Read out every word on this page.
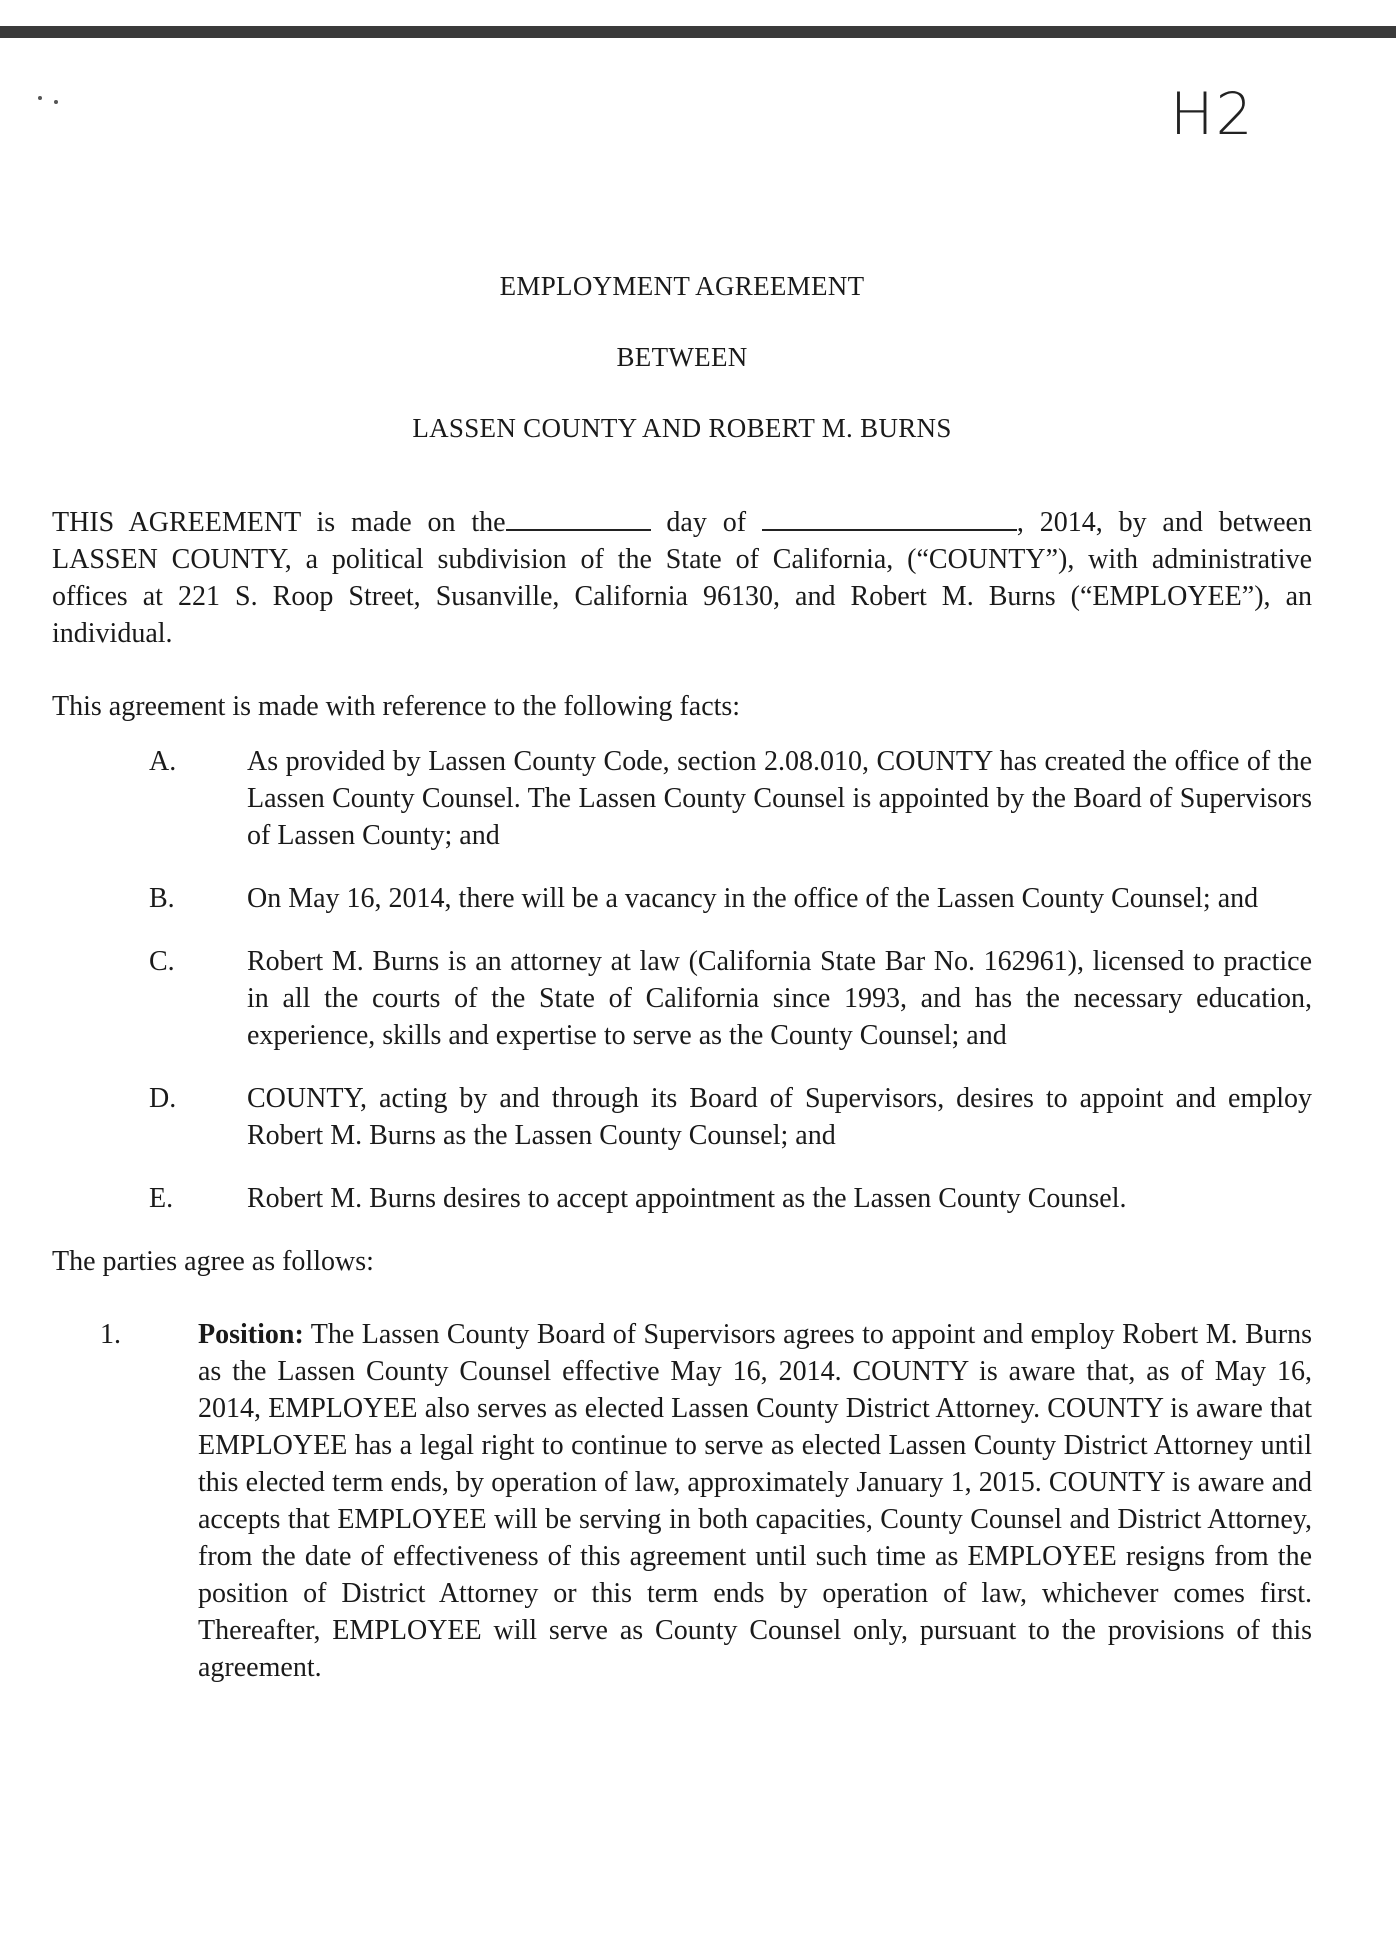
H2

EMPLOYMENT AGREEMENT

BETWEEN

LASSEN COUNTY AND ROBERT M. BURNS

THIS AGREEMENT is made on the	day of	, 2014, by and between LASSEN COUNTY, a political subdivision of the State of California, (“COUNTY”), with administrative offices at 221 S. Roop Street, Susanville, California 96130, and Robert M. Burns (“EMPLOYEE”), an individual.

This agreement is made with reference to the following facts:

A.	As provided by Lassen County Code, section 2.08.010, COUNTY has created the office of the Lassen County Counsel. The Lassen County Counsel is appointed by the Board of Supervisors of Lassen County; and
B.	On May 16, 2014, there will be a vacancy in the office of the Lassen County Counsel; and
C.	Robert M. Burns is an attorney at law (California State Bar No. 162961), licensed to practice in all the courts of the State of California since 1993, and has the necessary education, experience, skills and expertise to serve as the County Counsel; and
D.	COUNTY, acting by and through its Board of Supervisors, desires to appoint and employ Robert M. Burns as the Lassen County Counsel; and
E.	Robert M. Burns desires to accept appointment as the Lassen County Counsel.

The parties agree as follows:

1.	Position: The Lassen County Board of Supervisors agrees to appoint and employ Robert M. Burns as the Lassen County Counsel effective May 16, 2014. COUNTY is aware that, as of May 16, 2014, EMPLOYEE also serves as elected Lassen County District Attorney. COUNTY is aware that EMPLOYEE has a legal right to continue to serve as elected Lassen County District Attorney until this elected term ends, by operation of law, approximately January 1, 2015. COUNTY is aware and accepts that EMPLOYEE will be serving in both capacities, County Counsel and District Attorney, from the date of effectiveness of this agreement until such time as EMPLOYEE resigns from the position of District Attorney or this term ends by operation of law, whichever comes first. Thereafter, EMPLOYEE will serve as County Counsel only, pursuant to the provisions of this agreement.
